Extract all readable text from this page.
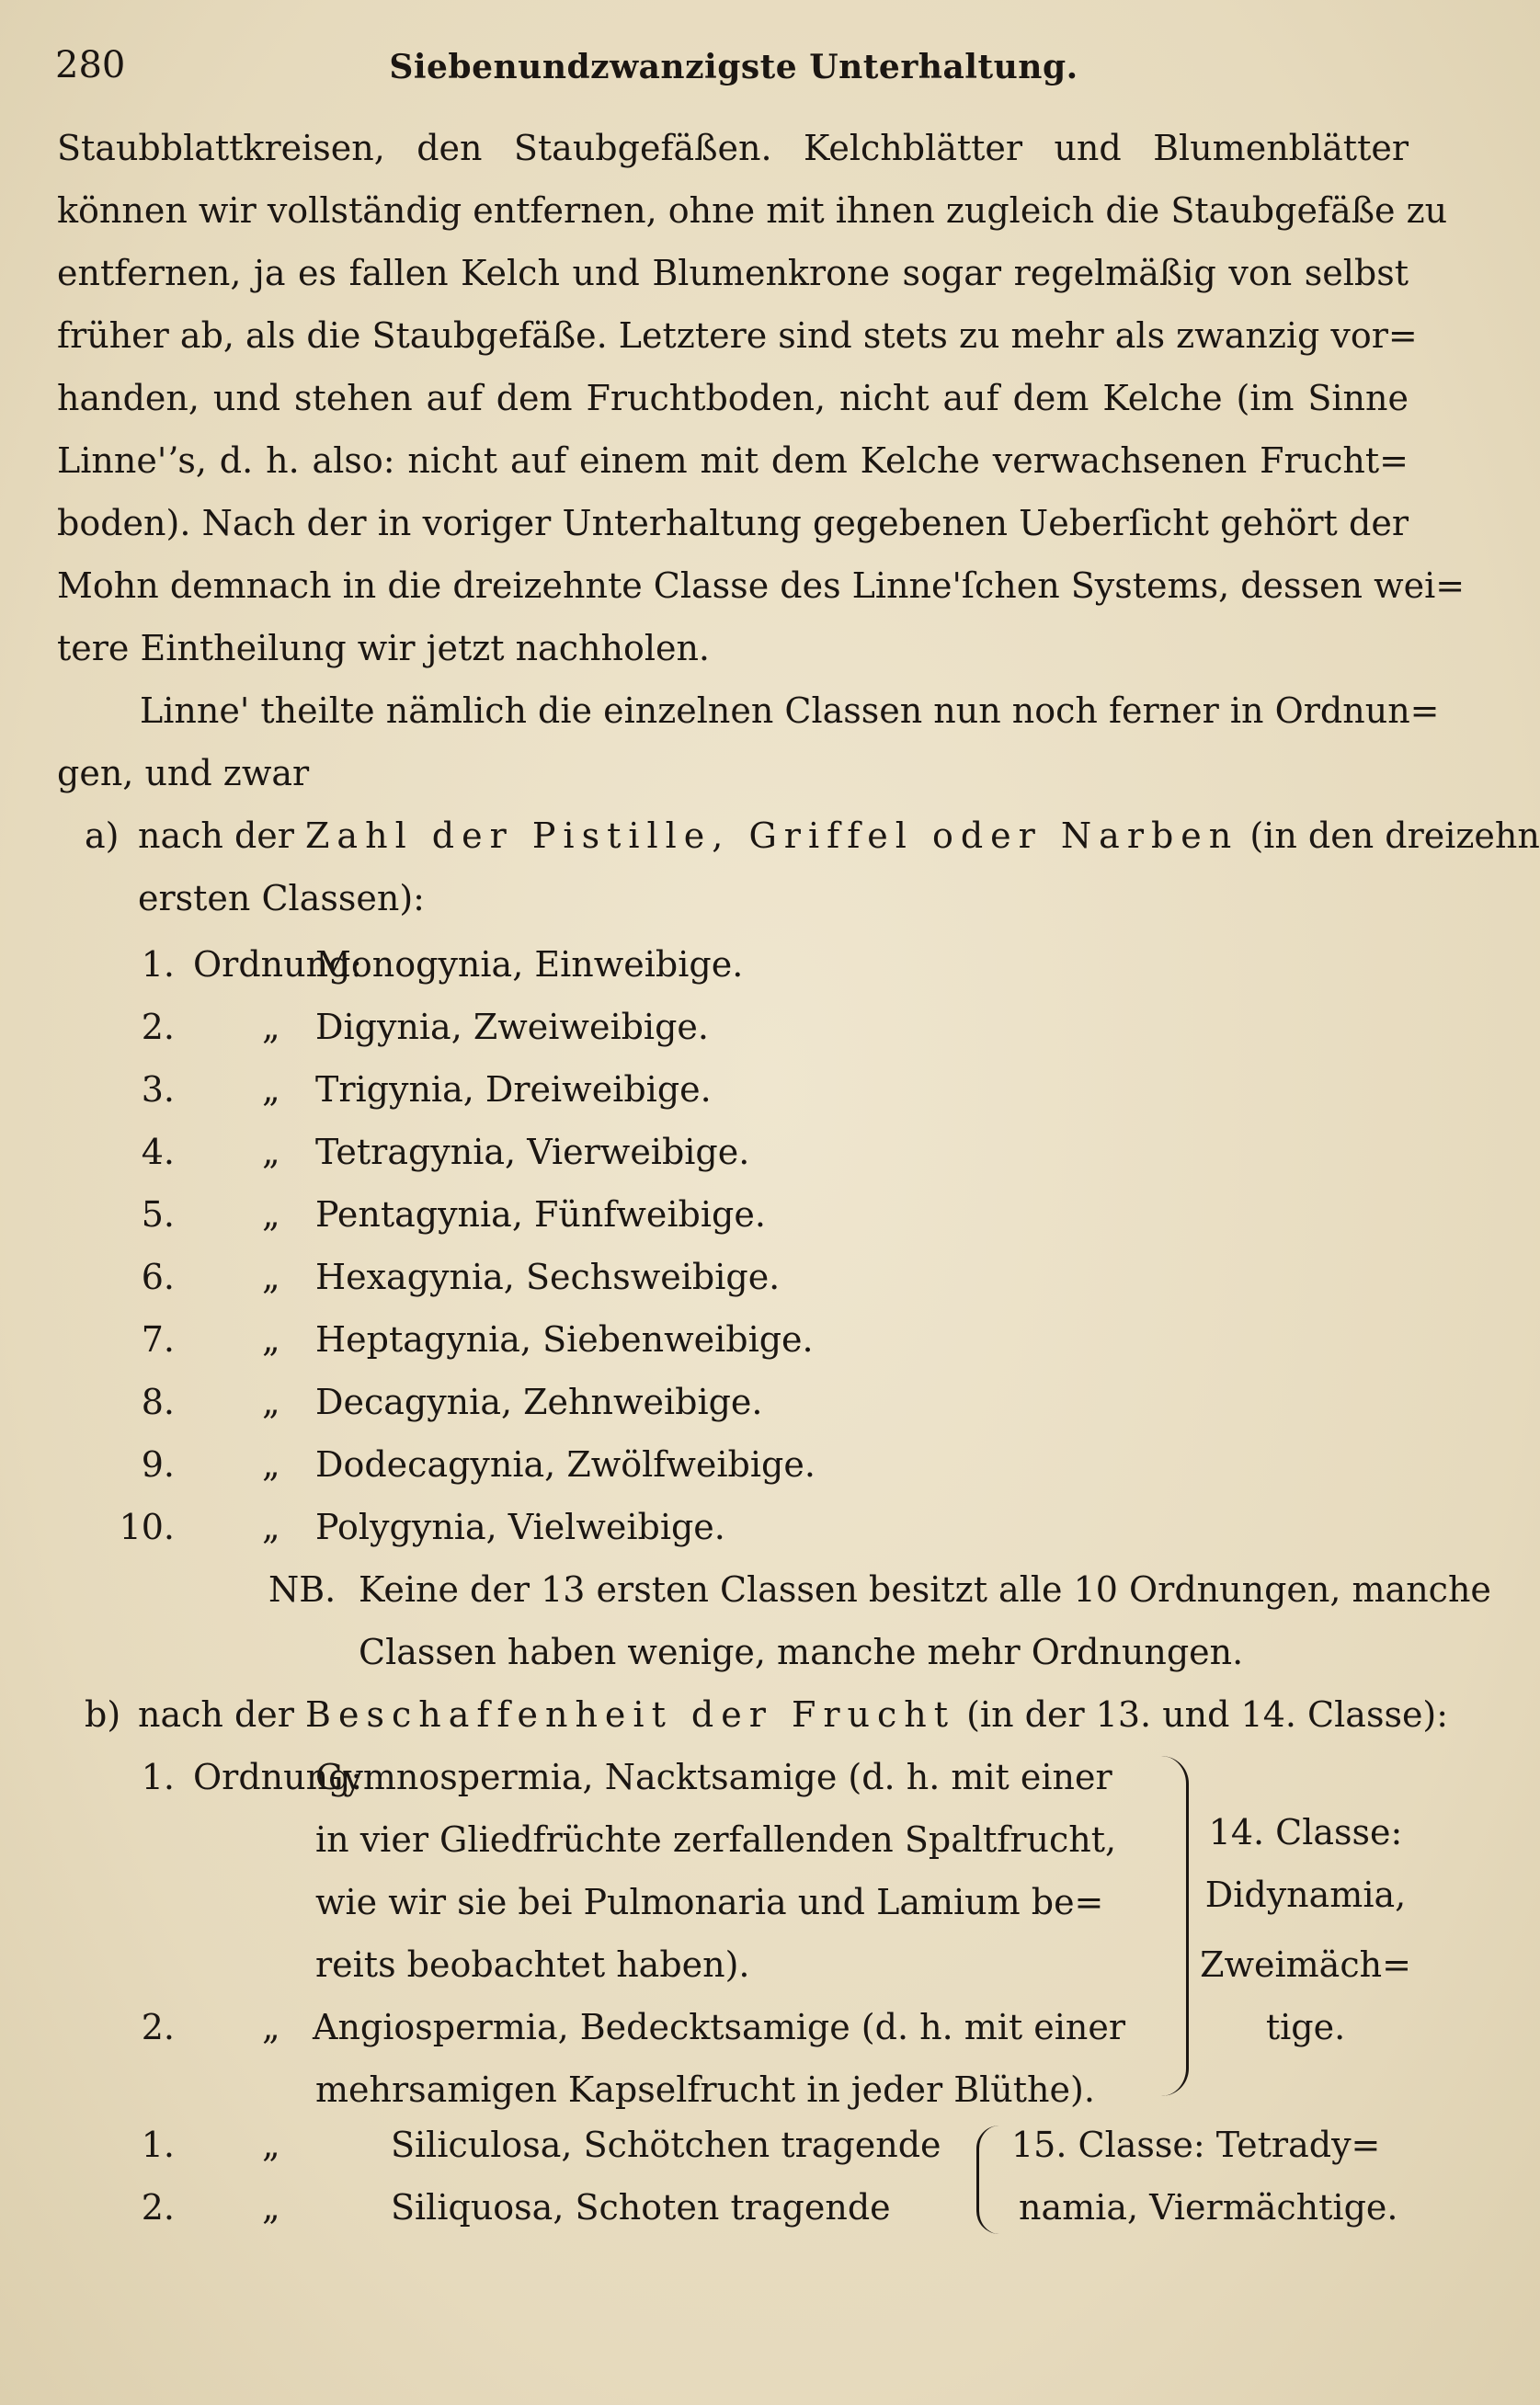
280	Siebenundzwanzigste Unterhaltung.
Staubblattkreisen, den Staubgefäßen. Kelchblätter und Blumenblätter
können wir vollständig entfernen, ohne mit ihnen zugleich die Staubgefäße zu
entfernen, ja es fallen Kelch und Blumenkrone sogar regelmäßig von selbst
früher ab, als die Staubgefäße. Letztere sind stets zu mehr als zwanzig vor=
handen, und stehen auf dem Fruchtboden, nicht auf dem Kelche (im Sinne
Linne'ʼs, d. h. also: nicht auf einem mit dem Kelche verwachsenen Frucht=
boden). Nach der in voriger Unterhaltung gegebenen Ueberſicht gehört der
Mohn demnach in die dreizehnte Classe des Linne'ſchen Systems, dessen wei=
tere Eintheilung wir jetzt nachholen.
Linne' theilte nämlich die einzelnen Classen nun noch ferner in Ordnun=
gen, und zwar
a) nach der Zahl der Pistille, Griffel oder Narben (in den dreizehn
ersten Classen):
1. Ordnung:
Monogynia, Einweibige.
2.	„ Digynia, Zweiweibige.
3.	„ Trigynia, Dreiweibige.
4.	„ Tetragynia, Vierweibige.
5.	„ Pentagynia, Fünfweibige.
6.	„ Hexagynia, Sechsweibige.
7.	„ Heptagynia, Siebenweibige.
8.	„ Decagynia, Zehnweibige.
9.	„ Dodecagynia, Zwölfweibige.
10.	„ Polygynia, Vielweibige.
NB. Keine der 13 ersten Classen besitzt alle 10 Ordnungen, manche
Classen haben wenige, manche mehr Ordnungen.
b) nach der Beschaffenheit der Frucht (in der 13. und 14. Classe):
1. Ordnung:
Gymnospermia, Nacktsamige (d. h. mit einer
in vier Gliedfrüchte zerfallenden Spaltfrucht,
wie wir sie bei Pulmonaria und Lamium be=
reits beobachtet haben).
2.	„ Angiospermia, Bedecktsamige (d. h. mit einer
mehrsamigen Kapselfrucht in jeder Blüthe).
14. Classe:
Didynamia,
Zweimäch=
tige.
1.	„	Siliculosa, Schötchen tragende
2.	„	Siliquosa, Schoten tragende
15. Classe: Tetrady=
namia, Viermächtige.
